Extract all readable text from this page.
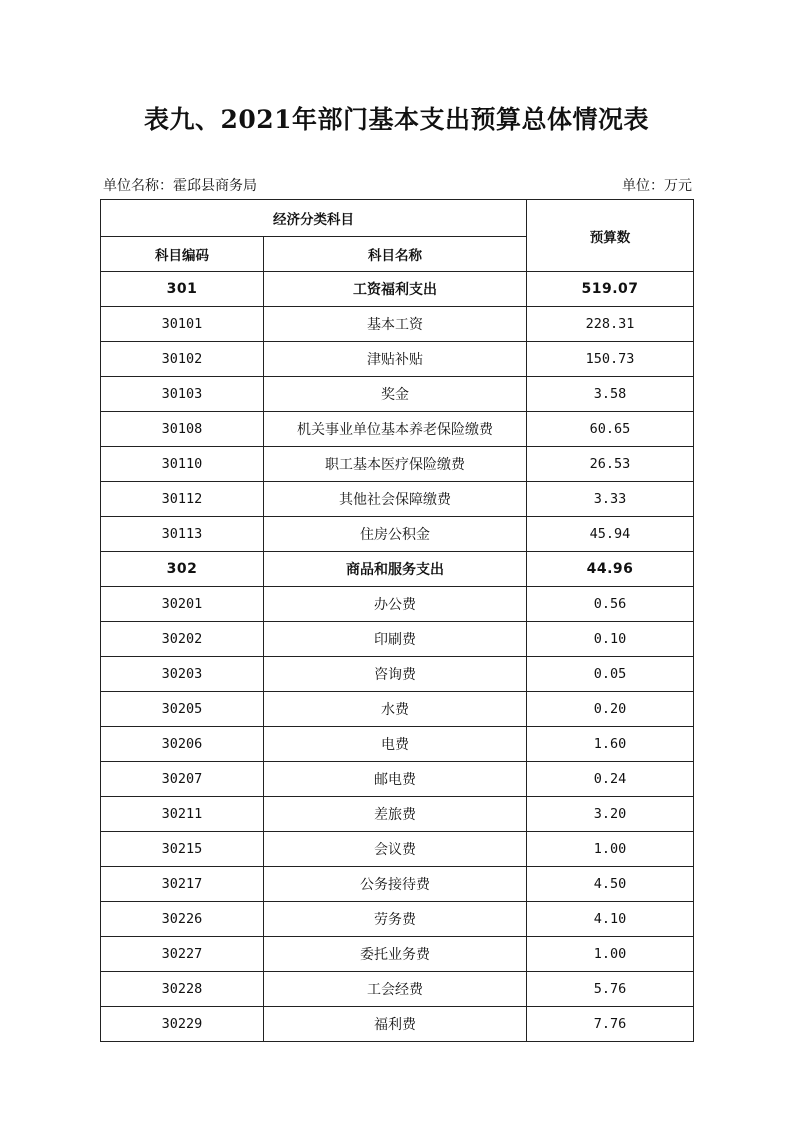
表九、2021年部门基本支出预算总体情况表
单位名称：霍邱县商务局	单位：万元
经济分类科目		预算数
科目编码	科目名称	
301	工资福利支出	519.07
30101	基本工资	228.31
30102	津贴补贴	150.73
30103	奖金	3.58
30108	机关事业单位基本养老保险缴费	60.65
30110	职工基本医疗保险缴费	26.53
30112	其他社会保障缴费	3.33
30113	住房公积金	45.94
302	商品和服务支出	44.96
30201	办公费	0.56
30202	印刷费	0.10
30203	咨询费	0.05
30205	水费	0.20
30206	电费	1.60
30207	邮电费	0.24
30211	差旅费	3.20
30215	会议费	1.00
30217	公务接待费	4.50
30226	劳务费	4.10
30227	委托业务费	1.00
30228	工会经费	5.76
30229	福利费	7.76
